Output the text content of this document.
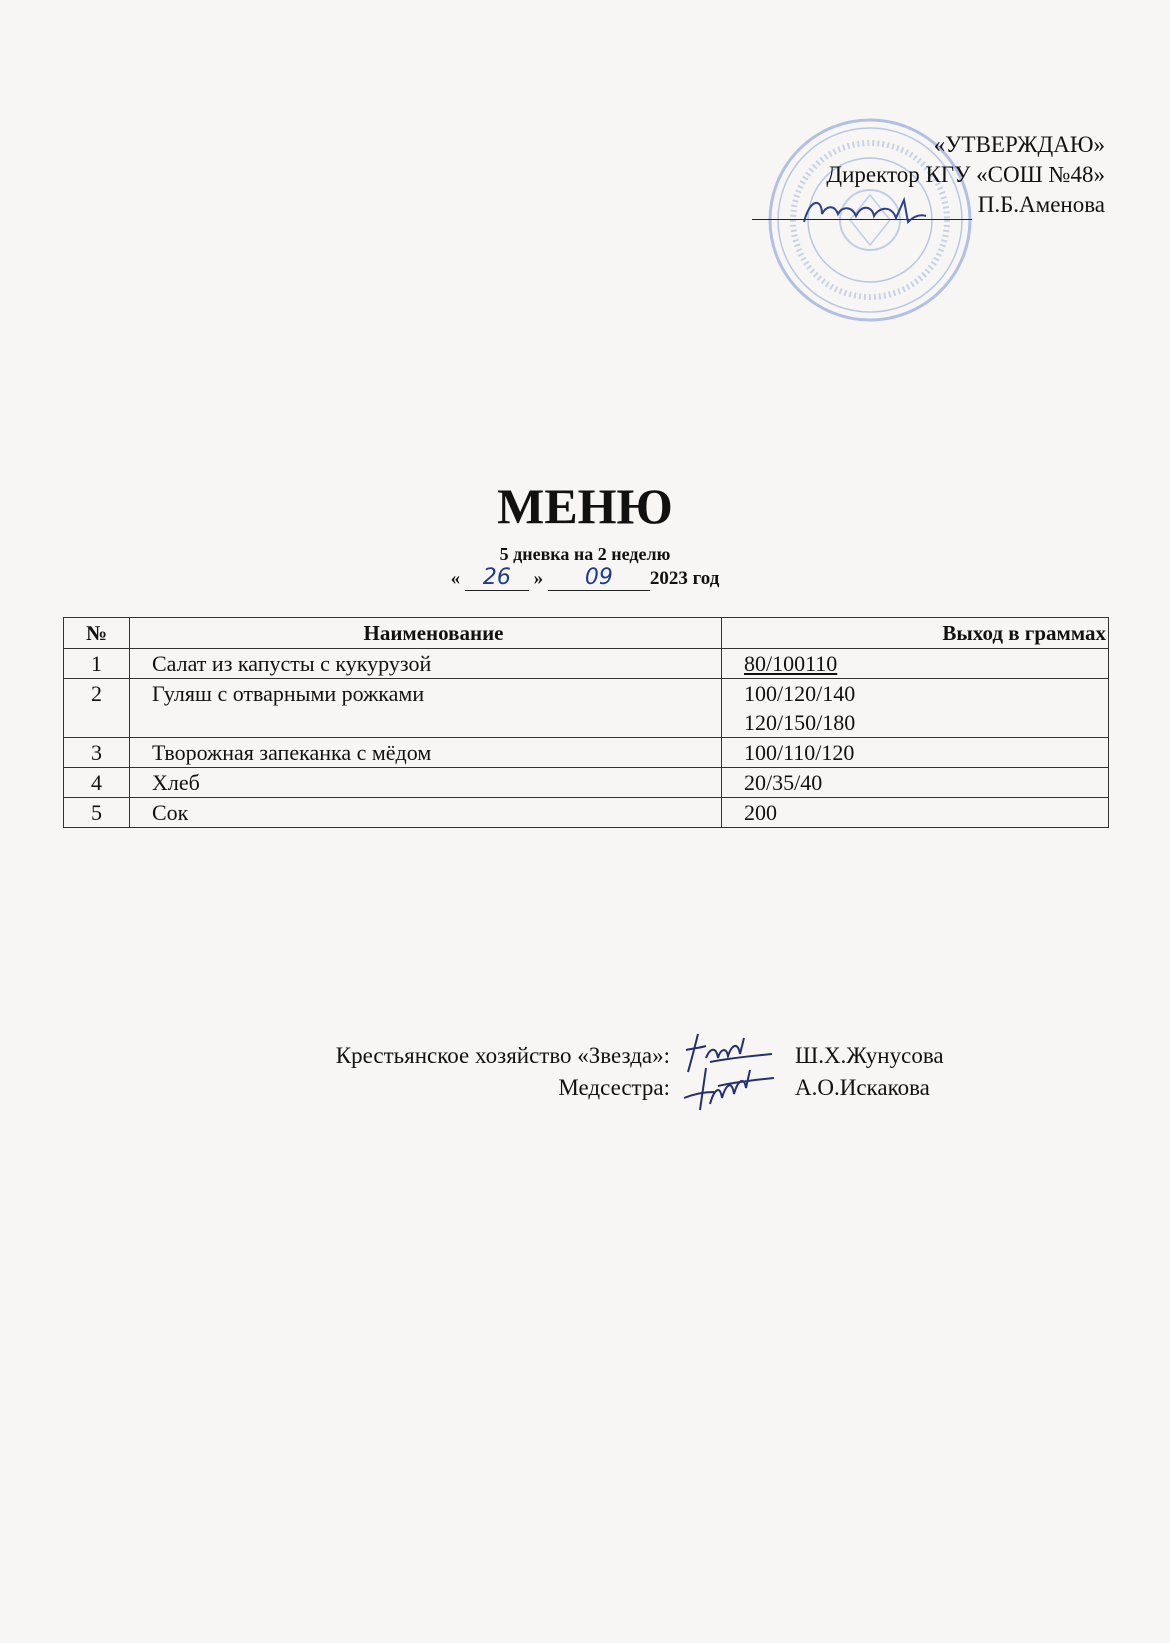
«УТВЕРЖДАЮ»
Директор КГУ «СОШ №48»
П.Б.Аменова
МЕНЮ
5 дневка на 2 неделю
« 26 » 09 2023 год
№	Наименование	Выход в граммах
1	Салат из капусты с кукурузой	80/100110

2	Гуляш с отварными рожками	100/120/140
120/150/180

3	Творожная запеканка с мёдом	100/110/120

4	Хлеб	20/35/40

5	Сок	200
Крестьянское хозяйство «Звезда»:	Ш.Х.Жунусова
Медсестра:	А.О.Искакова
